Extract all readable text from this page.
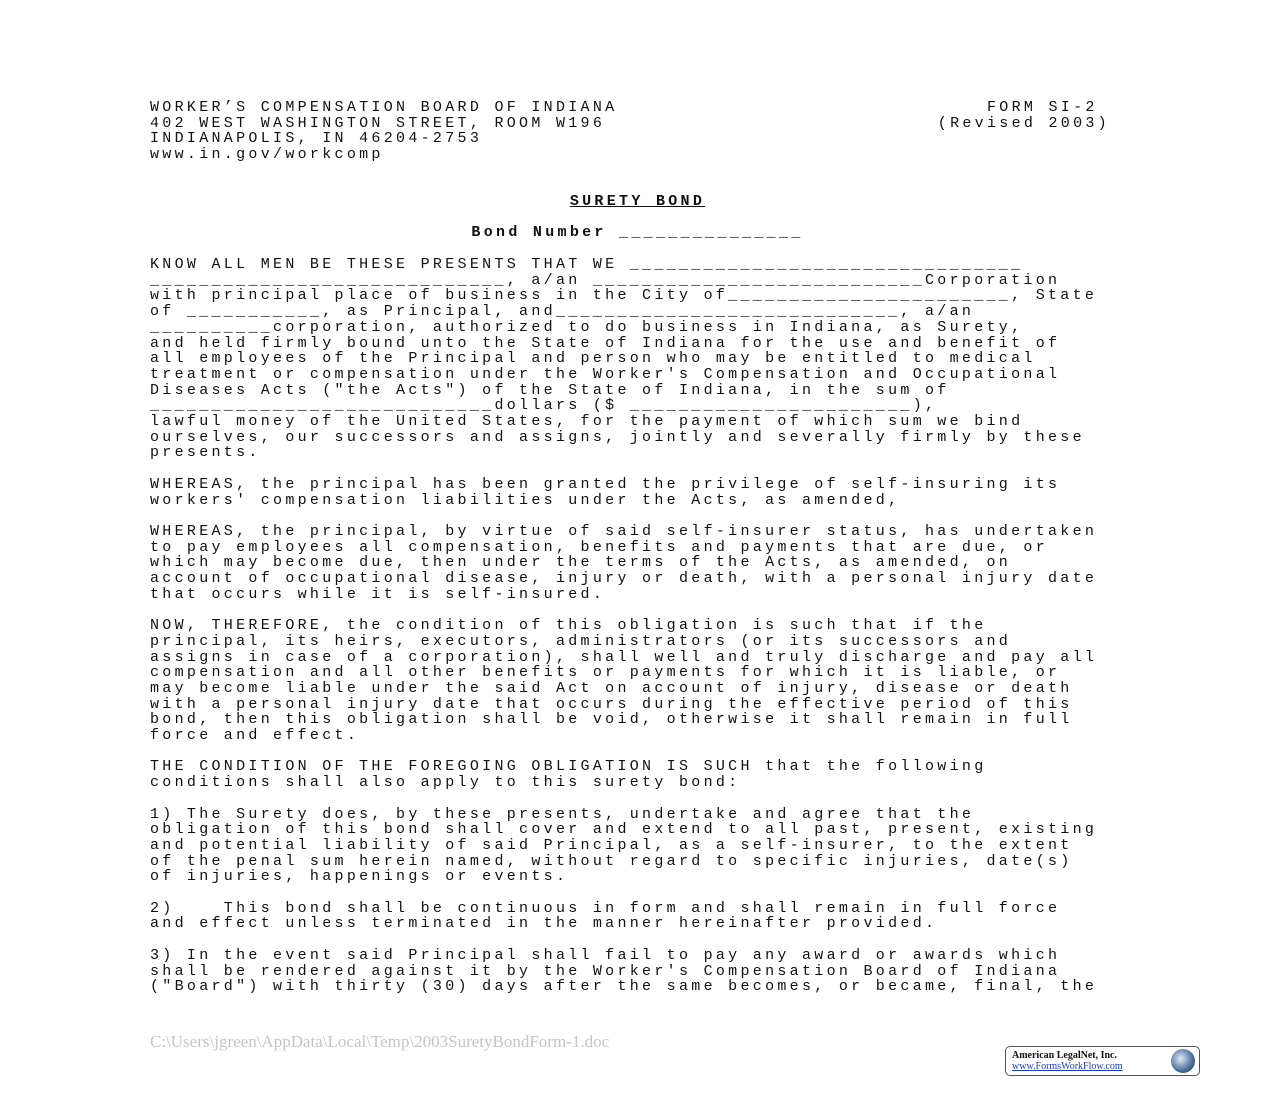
WORKER’S COMPENSATION BOARD OF INDIANA
402 WEST WASHINGTON STREET, ROOM W196
INDIANAPOLIS, IN 46204-2753
www.in.gov/workcomp
FORM SI-2
(Revised 2003)
SURETY BOND
Bond Number _______________
KNOW ALL MEN BE THESE PRESENTS THAT WE ________________________________
_____________________________, a/an ___________________________Corporation
with principal place of business in the City of_______________________, State
of ___________, as Principal, and____________________________, a/an
__________corporation, authorized to do business in Indiana, as Surety,
and held firmly bound unto the State of Indiana for the use and benefit of
all employees of the Principal and person who may be entitled to medical
treatment or compensation under the Worker's Compensation and Occupational
Diseases Acts ("the Acts") of the State of Indiana, in the sum of
____________________________dollars ($ _______________________),
lawful money of the United States, for the payment of which sum we bind
ourselves, our successors and assigns, jointly and severally firmly by these
presents.
WHEREAS, the principal has been granted the privilege of self-insuring its
workers' compensation liabilities under the Acts, as amended,
WHEREAS, the principal, by virtue of said self-insurer status, has undertaken
to pay employees all compensation, benefits and payments that are due, or
which may become due, then under the terms of the Acts, as amended, on
account of occupational disease, injury or death, with a personal injury date
that occurs while it is self-insured.
NOW, THEREFORE, the condition of this obligation is such that if the
principal, its heirs, executors, administrators (or its successors and
assigns in case of a corporation), shall well and truly discharge and pay all
compensation and all other benefits or payments for which it is liable, or
may become liable under the said Act on account of injury, disease or death
with a personal injury date that occurs during the effective period of this
bond, then this obligation shall be void, otherwise it shall remain in full
force and effect.
THE CONDITION OF THE FOREGOING OBLIGATION IS SUCH that the following
conditions shall also apply to this surety bond:
1) The Surety does, by these presents, undertake and agree that the
obligation of this bond shall cover and extend to all past, present, existing
and potential liability of said Principal, as a self-insurer, to the extent
of the penal sum herein named, without regard to specific injuries, date(s)
of injuries, happenings or events.
2)    This bond shall be continuous in form and shall remain in full force
and effect unless terminated in the manner hereinafter provided.
3) In the event said Principal shall fail to pay any award or awards which
shall be rendered against it by the Worker's Compensation Board of Indiana
("Board") with thirty (30) days after the same becomes, or became, final, the
C:\Users\jgreen\AppData\Local\Temp\2003SuretyBondForm-1.doc
American LegalNet, Inc.
www.FormsWorkFlow.com
